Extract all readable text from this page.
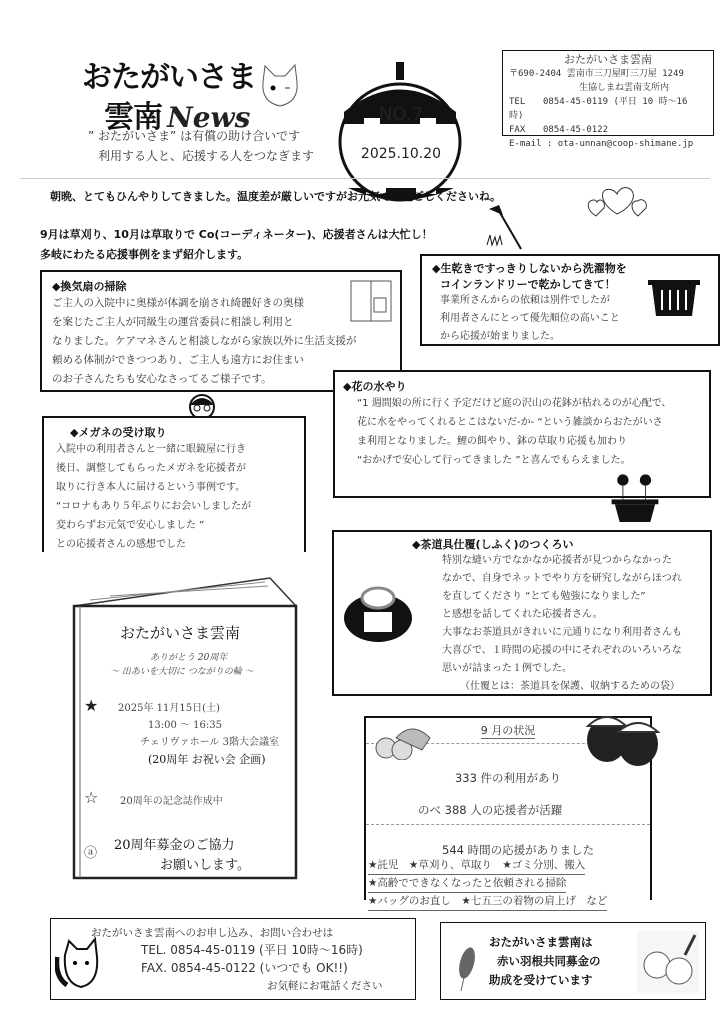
おたがいさま
雲南 News
” おたがいさま” は有償の助け合いです
利用する人と、応援する人をつなぎます
NO.7
2025.10.20
おたがいさま雲南
〒690-2404 雲南市三刀屋町三刀屋 1249
生協しまね雲南支所内
TEL 0854-45-0119 (平日 10 時～16 時)
FAX 0854-45-0122
E-mail : ota-unnan@coop-shimane.jp
朝晩、とてもひんやりしてきました。温度差が厳しいですがお元気でお過ごしくださいね。
9月は草刈り、10月は草取りで Co(コーディネーター)、応援者さんは大忙し！
多岐にわたる応援事例をまず紹介します。
◆換気扇の掃除
ご主人の入院中に奥様が体調を崩され綺麗好きの奥様
を案じたご主人が同級生の運営委員に相談し利用と
なりました。ケアマネさんと相談しながら家族以外に生活支援が
頼める体制ができつつあり、ご主人も遠方にお住まい
のお子さんたちも安心なさってるご様子です。
◆生乾きですっきりしないから洗濯物を
コインランドリーで乾かしてきて！
事業所さんからの依頼は別件でしたが
利用者さんにとって優先順位の高いこと
から応援が始まりました。
◆メガネの受け取り
入院中の利用者さんと一緒に眼鏡屋に行き
後日、調整してもらったメガネを応援者が
取りに行き本人に届けるという事例です。
“コロナもあり５年ぶりにお会いしましたが
変わらずお元気で安心しました ”
との応援者さんの感想でした
◆花の水やり
“1 週間娘の所に行く予定だけど庭の沢山の花鉢が枯れるのが心配で、
花に水をやってくれるとこはないだ-か- “という雑談からおたがいさ
ま利用となりました。鯉の餌やり、鉢の草取り応援も加わり
“おかげで安心して行ってきました ”と喜んでもらえました。
◆茶道具仕覆(しふく)のつくろい
特別な縫い方でなかなか応援者が見つからなかった
なかで、自身でネットでやり方を研究しながらほつれ
を直してくださり “とても勉強になりました”
と感想を話してくれた応援者さん。
大事なお茶道具がきれいに元通りになり利用者さんも
大喜びで、１時間の応援の中にそれぞれのいろいろな
思いが詰まった１例でした。
（仕覆とは：茶道具を保護、収納するための袋）
おたがいさま雲南
ありがとう 20周年
～ 出あいを大切に つながりの輪 ～
★ 2025年 11月15日(土)
13:00 ～ 16:35
チェリヴァホール 3階大会議室
(20周年 お祝い会 企画)
☆ 20周年の記念誌作成中
ⓐ
20周年募金のご協力
お願いします。
9 月の状況
333 件の利用があり
のべ 388 人の応援者が活躍
544 時間の応援がありました
★託児　★草刈り、草取り　★ゴミ分別、搬入
★高齢でできなくなったと依頼される掃除
★バッグのお直し　★七五三の着物の肩上げ　など
おたがいさま雲南へのお申し込み、お問い合わせは
TEL. 0854-45-0119 (平日 10時～16時)
FAX. 0854-45-0122 (いつでも OK!!)
お気軽にお電話ください
おたがいさま雲南は
赤い羽根共同募金の
助成を受けています
